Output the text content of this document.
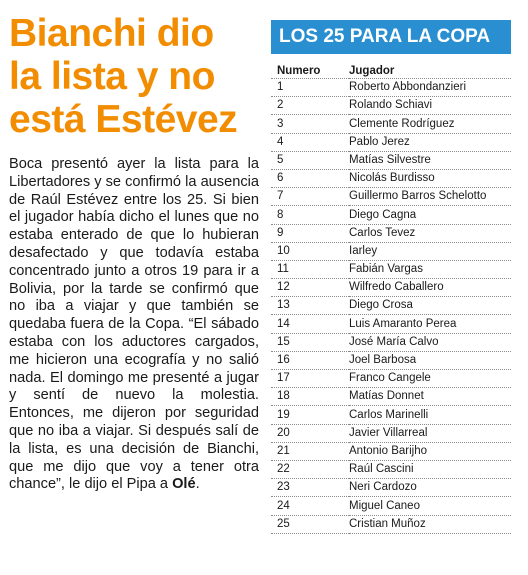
Bianchi dio
la lista y no
está Estévez

Boca presentó ayer la lista para la Libertadores y se confirmó la ausencia de Raúl Estévez entre los 25. Si bien el jugador había dicho el lunes que no estaba enterado de que lo hubieran desafectado y que todavía estaba concentrado junto a otros 19 para ir a Bolivia, por la tarde se confirmó que no iba a viajar y que también se quedaba fuera de la Copa. “El sábado estaba con los aductores cargados, me hicieron una ecografía y no salió nada. El domingo me presenté a jugar y sentí de nuevo la molestia. Entonces, me dijeron por seguridad que no iba a viajar. Si después salí de la lista, es una decisión de Bianchi, que me dijo que voy a tener otra chance”, le dijo el Pipa a Olé.

LOS 25 PARA LA COPA
Numero	Jugador
1	Roberto Abbondanzieri
2	Rolando Schiavi
3	Clemente Rodríguez
4	Pablo Jerez
5	Matías Silvestre
6	Nicolás Burdisso
7	Guillermo Barros Schelotto
8	Diego Cagna
9	Carlos Tevez
10	Iarley
11	Fabián Vargas
12	Wilfredo Caballero
13	Diego Crosa
14	Luis Amaranto Perea
15	José María Calvo
16	Joel Barbosa
17	Franco Cangele
18	Matías Donnet
19	Carlos Marinelli
20	Javier Villarreal
21	Antonio Barijho
22	Raúl Cascini
23	Neri Cardozo
24	Miguel Caneo
25	Cristian Muñoz
